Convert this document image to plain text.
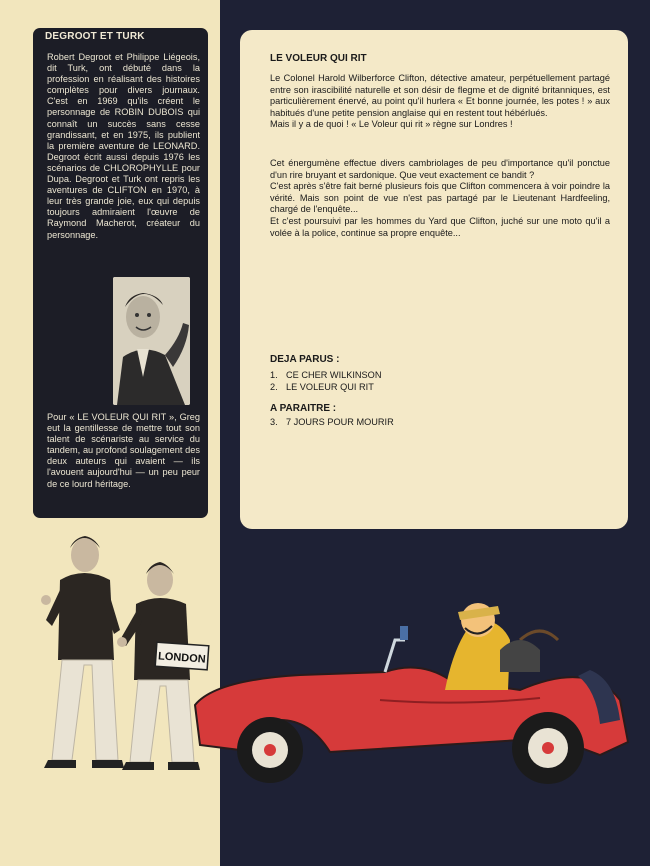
DEGROOT ET TURK
Robert Degroot et Philippe Liégeois, dit Turk, ont débuté dans la profession en réalisant des histoires complètes pour divers journaux. C'est en 1969 qu'ils créent le personnage de ROBIN DUBOIS qui connaît un succès sans cesse grandissant, et en 1975, ils publient la première aventure de LEONARD. Degroot écrit aussi depuis 1976 les scénarios de CHLOROPHYLLE pour Dupa. Degroot et Turk ont repris les aventures de CLIFTON en 1970, à leur très grande joie, eux qui depuis toujours admiraient l'œuvre de Raymond Macherot, créateur du personnage.
Pour « LE VOLEUR QUI RIT », Greg eut la gentillesse de mettre tout son talent de scénariste au service du tandem, au profond soulagement des deux auteurs qui avaient — ils l'avouent aujourd'hui — un peu peur de ce lourd héritage.
LE VOLEUR QUI RIT

Le Colonel Harold Wilberforce Clifton, détective amateur, perpétuellement partagé entre son irascibilité naturelle et son désir de flegme et de dignité britanniques, est particulièrement énervé, au point qu'il hurlera « Et bonne journée, les potes ! » aux habitués d'une petite pension anglaise qui en restent tout hébérlués.

Mais il y a de quoi ! « Le Voleur qui rit » règne sur Londres !

Cet énergumène effectue divers cambriolages de peu d'importance qu'il ponctue d'un rire bruyant et sardonique. Que veut exactement ce bandit ?

C'est après s'être fait berné plusieurs fois que Clifton commencera à voir poindre la vérité. Mais son point de vue n'est pas partagé par le Lieutenant Hardfeeling, chargé de l'enquête...

Et c'est poursuivi par les hommes du Yard que Clifton, juché sur une moto qu'il a volée à la police, continue sa propre enquête...

DEJA PARUS :
1. CE CHER WILKINSON
2. LE VOLEUR QUI RIT
A PARAITRE :
3. 7 JOURS POUR MOURIR
LONDON
